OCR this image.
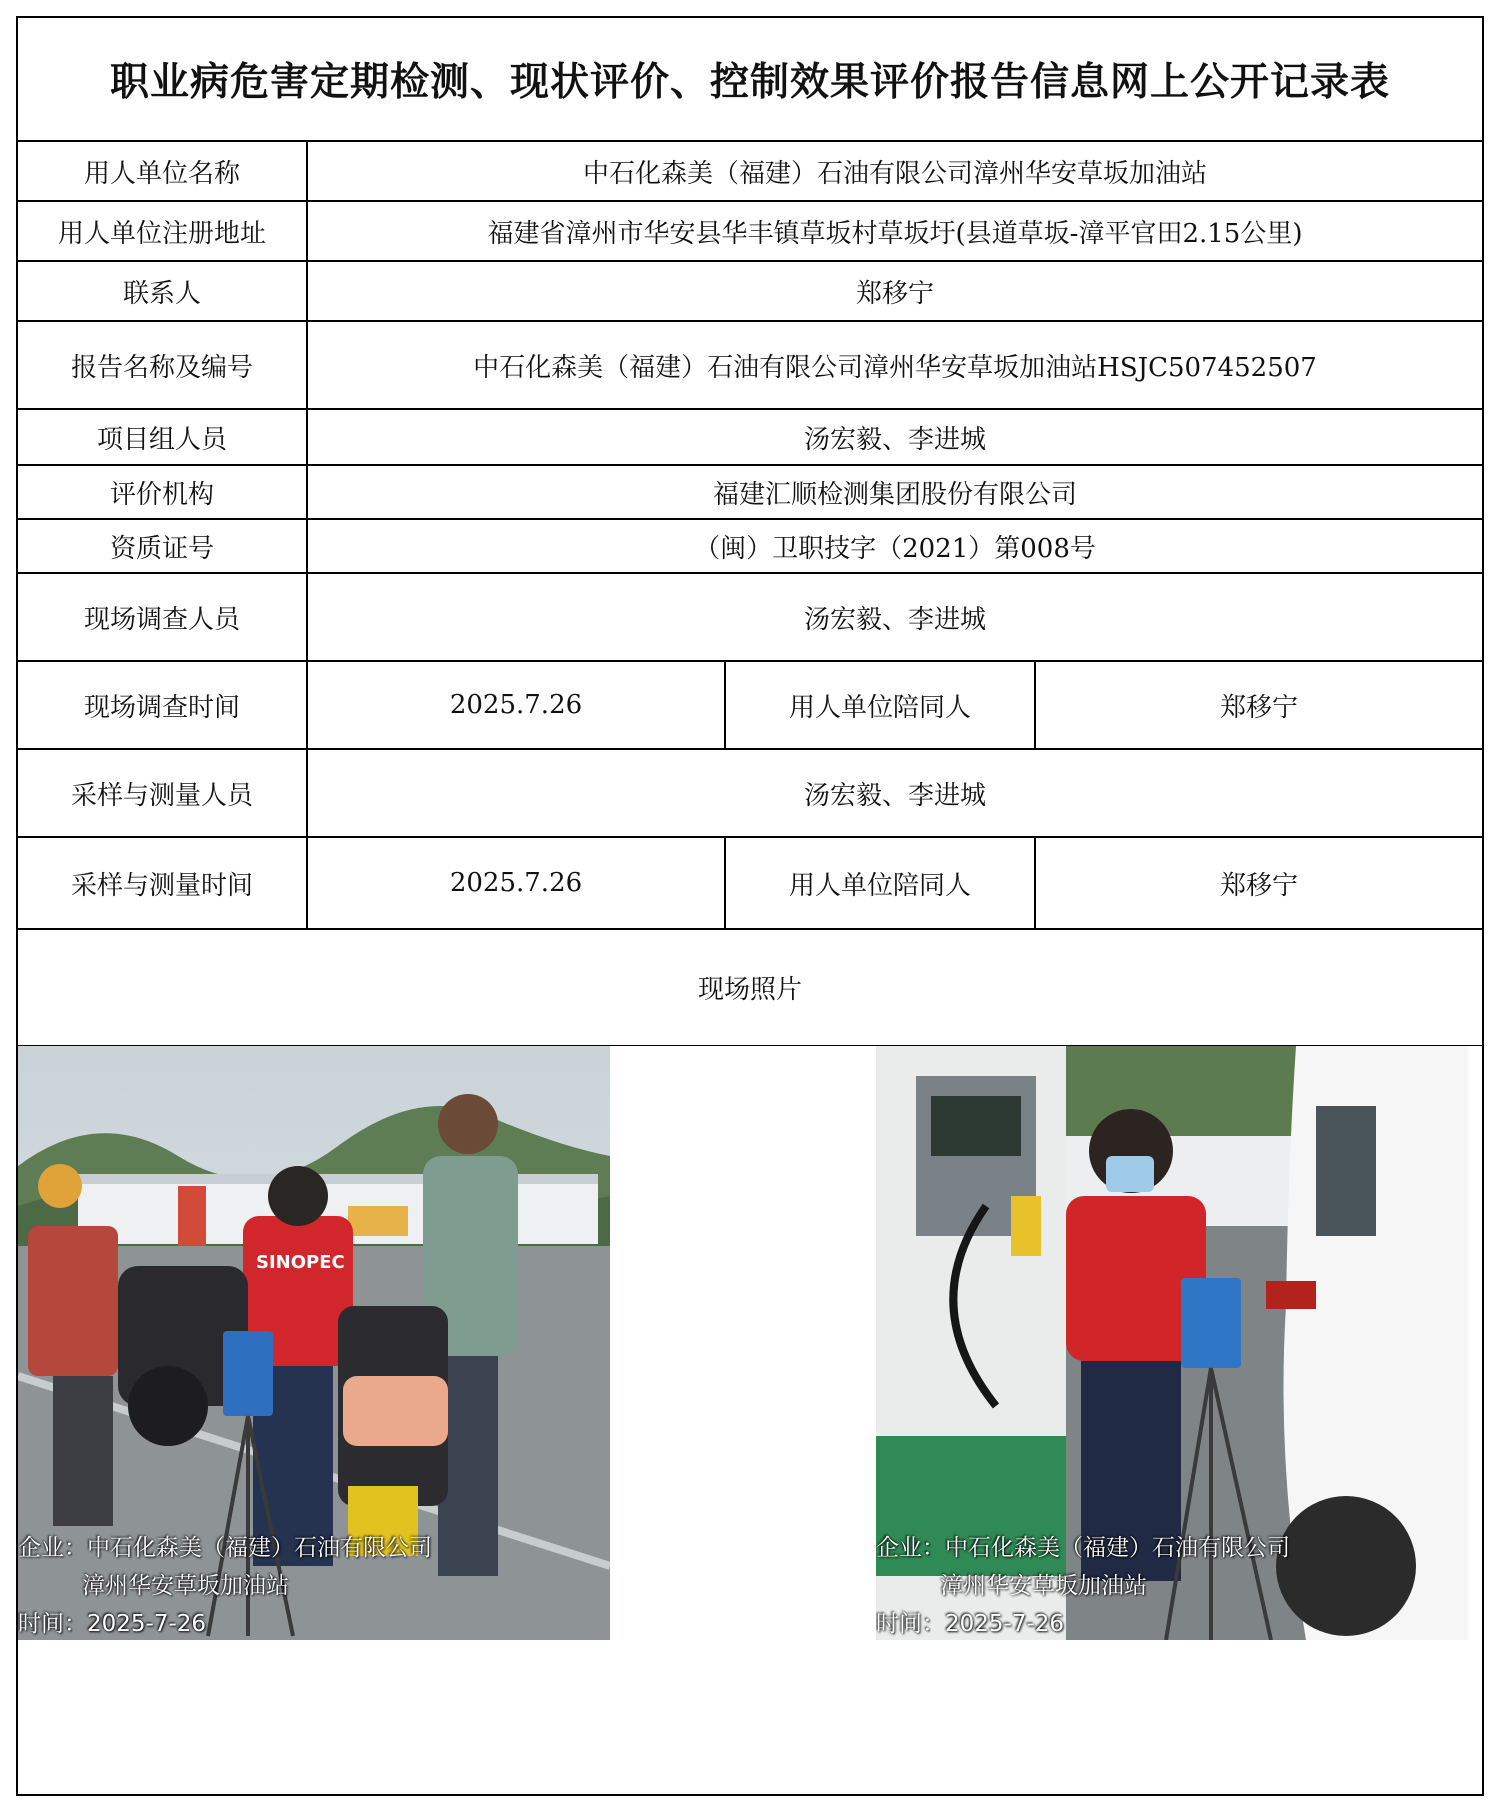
职业病危害定期检测、现状评价、控制效果评价报告信息网上公开记录表
用人单位名称	中石化森美（福建）石油有限公司漳州华安草坂加油站
用人单位注册地址	福建省漳州市华安县华丰镇草坂村草坂圩(县道草坂-漳平官田2.15公里)
联系人	郑移宁
报告名称及编号	中石化森美（福建）石油有限公司漳州华安草坂加油站HSJC507452507
项目组人员	汤宏毅、李进城
评价机构	福建汇顺检测集团股份有限公司
资质证号	（闽）卫职技字（2021）第008号
现场调查人员	汤宏毅、李进城
现场调查时间	2025.7.26	用人单位陪同人	郑移宁
采样与测量人员	汤宏毅、李进城
采样与测量时间	2025.7.26	用人单位陪同人	郑移宁
现场照片
SINOPEC
企业：中石化森美（福建）石油有限公司
漳州华安草坂加油站
时间：2025-7-26
企业：中石化森美（福建）石油有限公司
漳州华安草坂加油站
时间：2025-7-26
